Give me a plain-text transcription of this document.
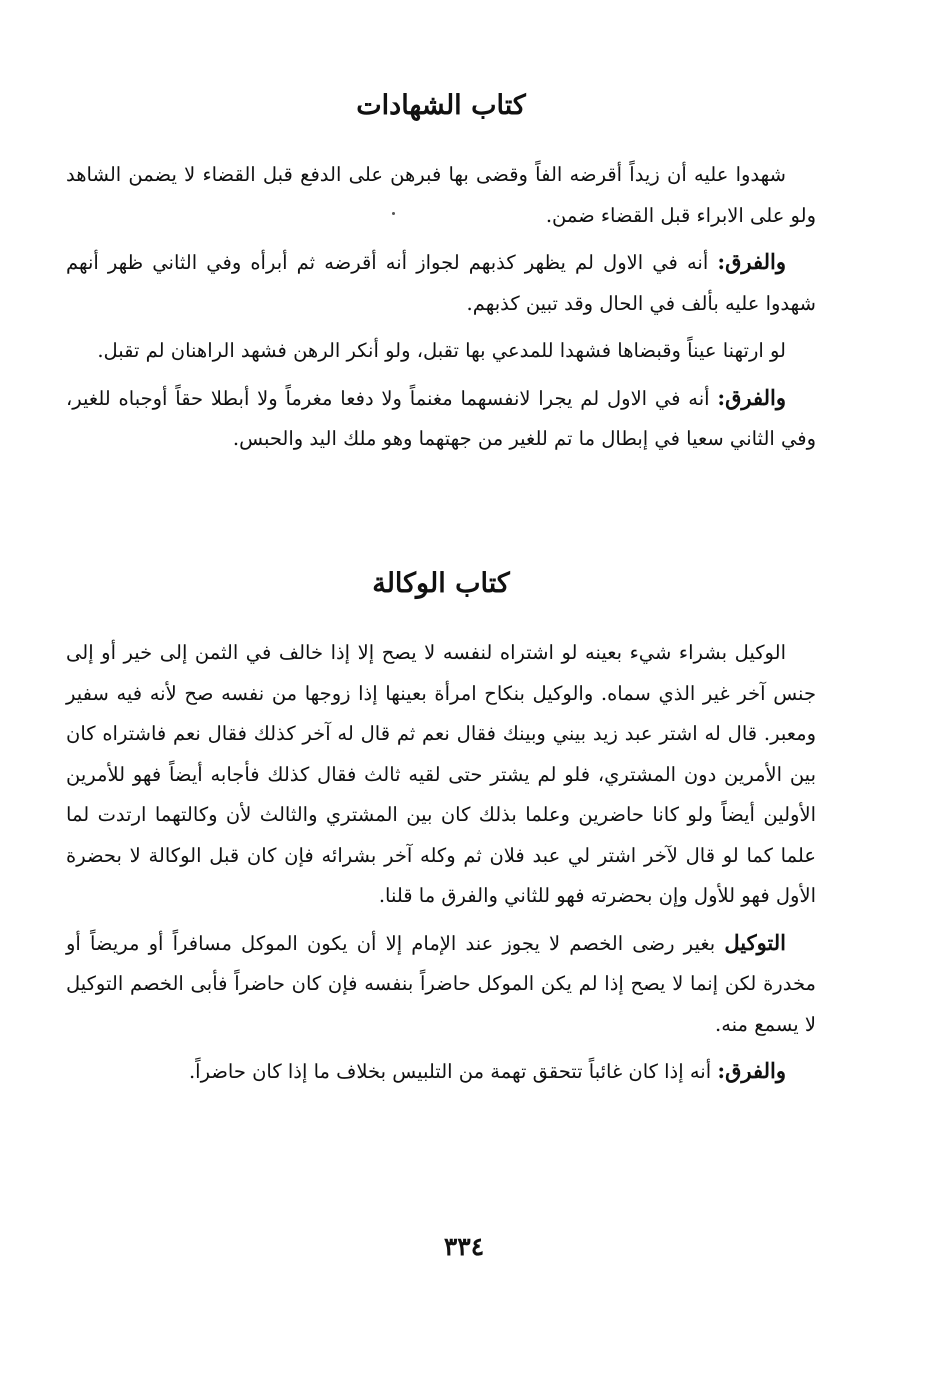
كتاب الشهادات

شهدوا عليه أن زيداً أقرضه الفاً وقضى بها فبرهن على الدفع قبل القضاء لا يضمن الشاهد ولو على الابراء قبل القضاء ضمن.

والفرق: أنه في الاول لم يظهر كذبهم لجواز أنه أقرضه ثم أبرأه وفي الثاني ظهر أنهم شهدوا عليه بألف في الحال وقد تبين كذبهم.

لو ارتهنا عيناً وقبضاها فشهدا للمدعي بها تقبل، ولو أنكر الرهن فشهد الراهنان لم تقبل.

والفرق: أنه في الاول لم يجرا لانفسهما مغنماً ولا دفعا مغرماً ولا أبطلا حقاً أوجباه للغير، وفي الثاني سعيا في إبطال ما تم للغير من جهتهما وهو ملك اليد والحبس.

كتاب الوكالة

الوكيل بشراء شيء بعينه لو اشتراه لنفسه لا يصح إلا إذا خالف في الثمن إلى خير أو إلى جنس آخر غير الذي سماه. والوكيل بنكاح امرأة بعينها إذا زوجها من نفسه صح لأنه فيه سفير ومعبر. قال له اشتر عبد زيد بيني وبينك فقال نعم ثم قال له آخر كذلك فقال نعم فاشتراه كان بين الأمرين دون المشتري، فلو لم يشتر حتى لقيه ثالث فقال كذلك فأجابه أيضاً فهو للأمرين الأولين أيضاً ولو كانا حاضرين وعلما بذلك كان بين المشتري والثالث لأن وكالتهما ارتدت لما علما كما لو قال لآخر اشتر لي عبد فلان ثم وكله آخر بشرائه فإن كان قبل الوكالة لا بحضرة الأول فهو للأول وإن بحضرته فهو للثاني والفرق ما قلنا.

التوكيل بغير رضى الخصم لا يجوز عند الإمام إلا أن يكون الموكل مسافراً أو مريضاً أو مخدرة لكن إنما لا يصح إذا لم يكن الموكل حاضراً بنفسه فإن كان حاضراً فأبى الخصم التوكيل لا يسمع منه.

والفرق: أنه إذا كان غائباً تتحقق تهمة من التلبيس بخلاف ما إذا كان حاضراً.

٣٣٤
